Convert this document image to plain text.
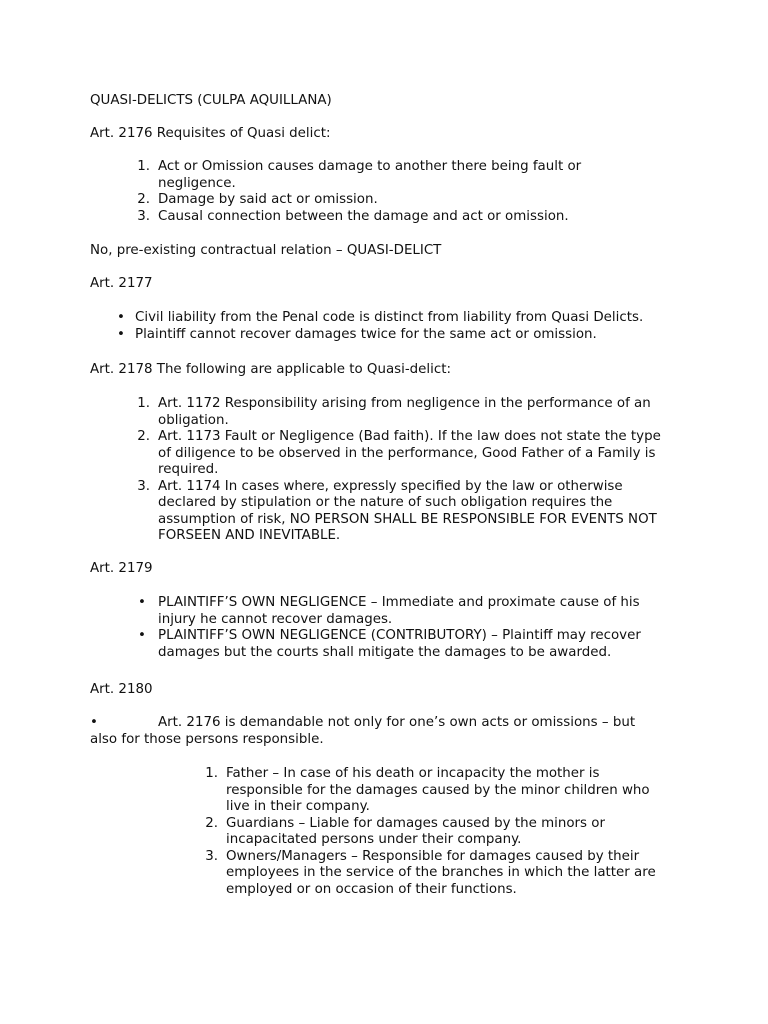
QUASI-DELICTS (CULPA AQUILLANA)

Art. 2176 Requisites of Quasi delict:

1. Act or Omission causes damage to another there being fault or
negligence.
2. Damage by said act or omission.
3. Causal connection between the damage and act or omission.

No, pre-existing contractual relation – QUASI-DELICT

Art. 2177

• Civil liability from the Penal code is distinct from liability from Quasi Delicts.
• Plaintiff cannot recover damages twice for the same act or omission.

Art. 2178 The following are applicable to Quasi-delict:

1. Art. 1172 Responsibility arising from negligence in the performance of an
obligation.
2. Art. 1173 Fault or Negligence (Bad faith). If the law does not state the type
of diligence to be observed in the performance, Good Father of a Family is
required.
3. Art. 1174 In cases where, expressly specified by the law or otherwise
declared by stipulation or the nature of such obligation requires the
assumption of risk, NO PERSON SHALL BE RESPONSIBLE FOR EVENTS NOT
FORSEEN AND INEVITABLE.

Art. 2179

• PLAINTIFF’S OWN NEGLIGENCE – Immediate and proximate cause of his
injury he cannot recover damages.
• PLAINTIFF’S OWN NEGLIGENCE (CONTRIBUTORY) – Plaintiff may recover
damages but the courts shall mitigate the damages to be awarded.

Art. 2180

•	Art. 2176 is demandable not only for one’s own acts or omissions – but

also for those persons responsible.

1. Father – In case of his death or incapacity the mother is
responsible for the damages caused by the minor children who
live in their company.
2. Guardians – Liable for damages caused by the minors or
incapacitated persons under their company.
3. Owners/Managers – Responsible for damages caused by their
employees in the service of the branches in which the latter are
employed or on occasion of their functions.
